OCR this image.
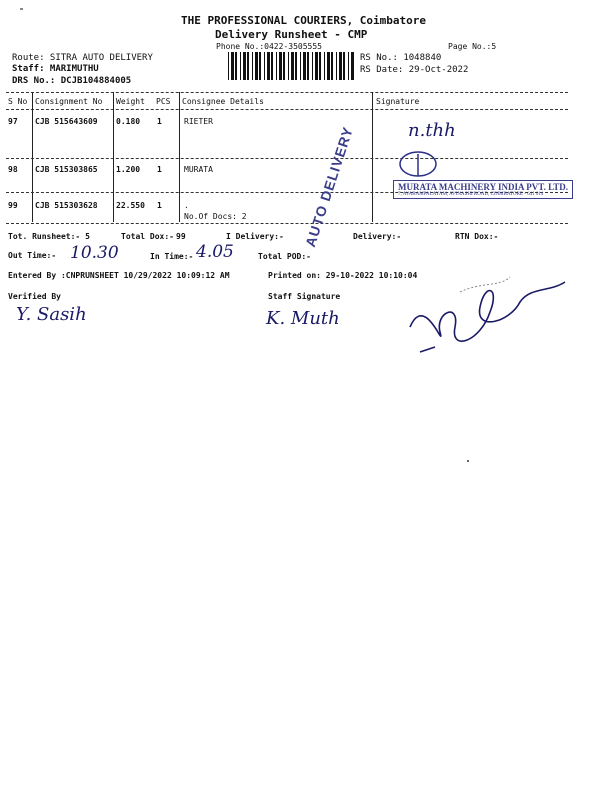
THE PROFESSIONAL COURIERS, Coimbatore
Delivery Runsheet - CMP
Phone No.:0422-3505555	Page No.:5
Route: SITRA AUTO DELIVERY
Staff: MARIMUTHU
DRS No.: DCJB104884005
RS No.: 1048840
RS Date: 29-Oct-2022
S No Consignment No Weight PCS Consignee Details	Signature
97 CJB 515643609 0.180 1	RIETER	n.thh
98 CJB 515303865 1.200 1	MURATA
99 CJB 515303628 22.550 1	.
No.Of Docs: 2
MURATA MACHINERY INDIA PVT. LTD.
7, AVARAMPALAYAM, AVINASHI ROAD, COIMBATORE - 641 014
AUTO DELIVERY
Tot. Runsheet:- 5	Total Dox:- 99	I Delivery:-	Delivery:-	RTN Dox:-
Out Time:- 10.30	In Time:- 4.05	Total POD:-
Entered By :CNPRUNSHEET 10/29/2022 10:09:12 AM	Printed on: 29-10-2022 10:10:04
Verified By	Staff Signature
Y. Sasih	K. Muth
